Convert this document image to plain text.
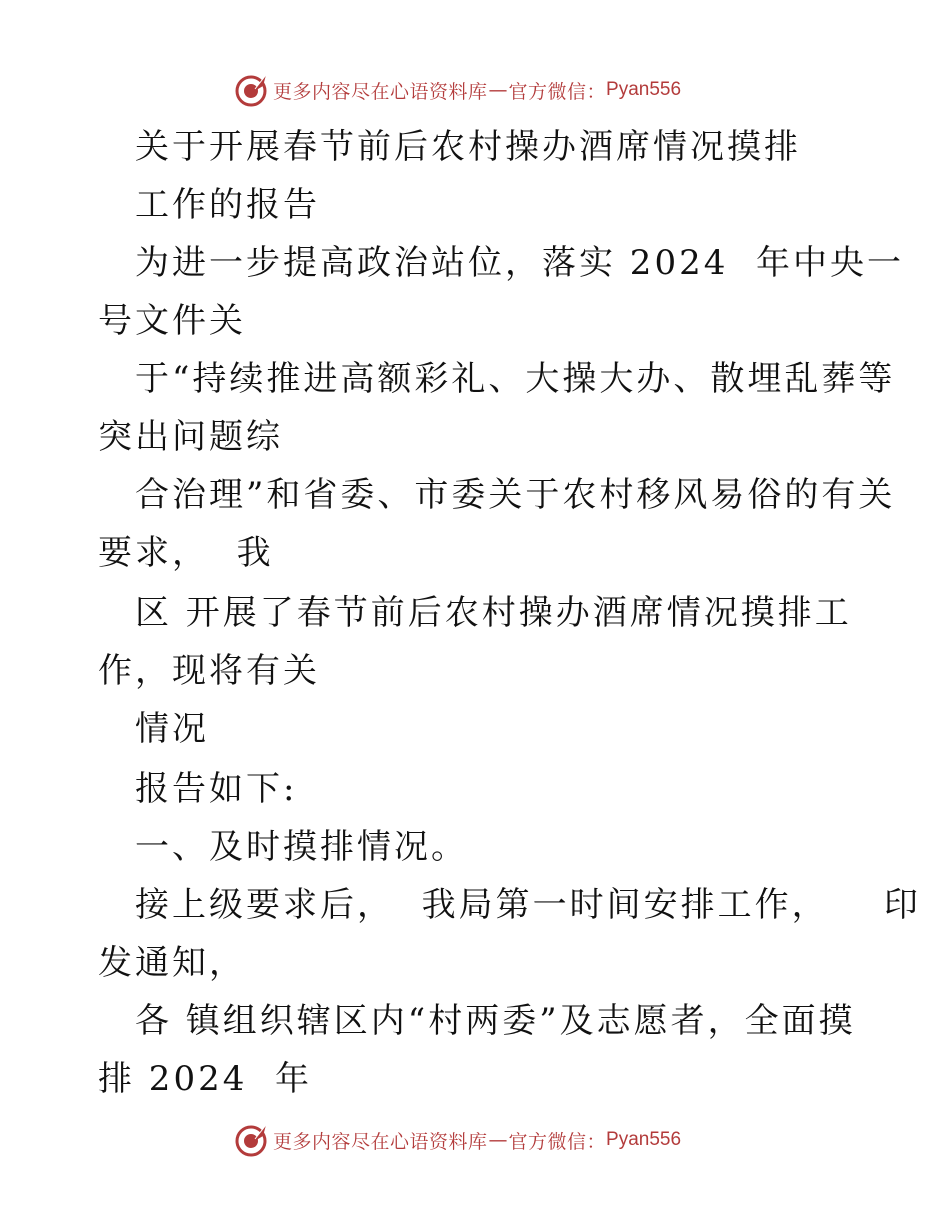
更多内容尽在心语资料库 — 官方微信： Pyan556
关于开展春节前后农村操办酒席情况摸排
工作的报告
为进一步提高政治站位，落实 2024  年中央一
号文件关
于“持续推进高额彩礼、大操大办、散埋乱葬等
突出问题综
合治理”和省委、市委关于农村移风易俗的有关
要求，  我
区 开展了春节前后农村操办酒席情况摸排工
作，现将有关
情况
报告如下:
一、及时摸排情况。
接上级要求后，  我局第一时间安排工作，    印
发通知，
各 镇组织辖区内“村两委”及志愿者，全面摸
排 2024  年
更多内容尽在心语资料库 — 官方微信： Pyan556
